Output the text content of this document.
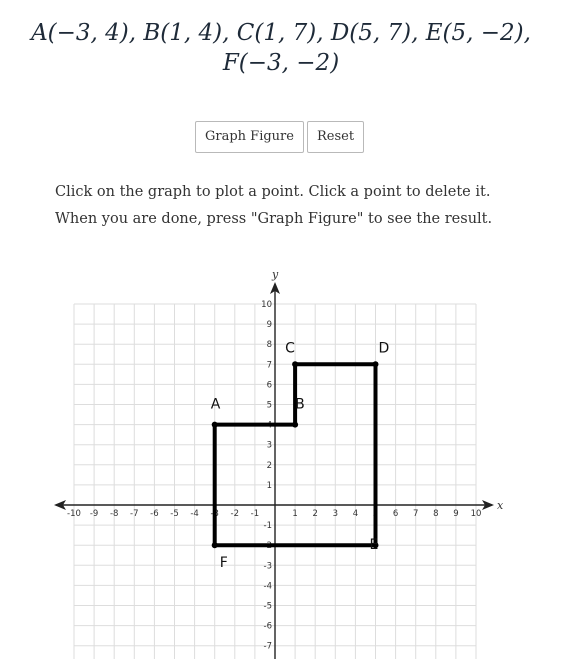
A(−3, 4), B(1, 4), C(1, 7), D(5, 7), E(5, −2),
F(−3, −2)
Graph Figure	Reset
Click on the graph to plot a point. Click a point to delete it.
When you are done, press "Graph Figure" to see the result.
x
y
-10 -9 -8 -7 -6 -5 -4 -3 -2 -1	1 2 3 4 5 6 7 8 9 10
-7
-6
-5
-4
-3
-2
-1
1
2
3
4
5
6
7
8
9
10
A	B
C	D
E
F
